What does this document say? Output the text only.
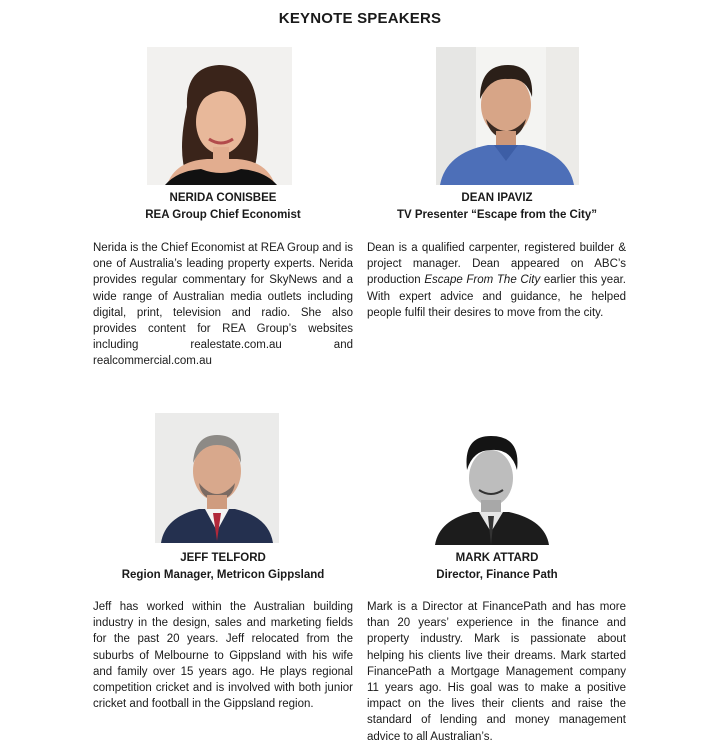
KEYNOTE SPEAKERS
NERIDA CONISBEE
REA Group Chief Economist

Nerida is the Chief Economist at REA Group and is one of Australia’s leading property experts. Nerida provides regular commentary for SkyNews and a wide range of Australian media outlets including digital, print, television and radio. She also provides content for REA Group’s websites including realestate.com.au and realcommercial.com.au

DEAN IPAVIZ
TV Presenter “Escape from the City”

Dean is a qualified carpenter, registered builder & project manager. Dean appeared on ABC’s production Escape From The City earlier this year. With expert advice and guidance, he helped people fulfil their desires to move from the city.

JEFF TELFORD
Region Manager, Metricon Gippsland

Jeff has worked within the Australian building industry in the design, sales and marketing fields for the past 20 years. Jeff relocated from the suburbs of Melbourne to Gippsland with his wife and family over 15 years ago. He plays regional competition cricket and is involved with both junior cricket and football in the Gippsland region.

MARK ATTARD
Director, Finance Path

Mark is a Director at FinancePath and has more than 20 years’ experience in the finance and property industry. Mark is passionate about helping his clients live their dreams. Mark started FinancePath a Mortgage Management company 11 years ago. His goal was to make a positive impact on the lives their clients and raise the standard of lending and money management advice to all Australian’s.
